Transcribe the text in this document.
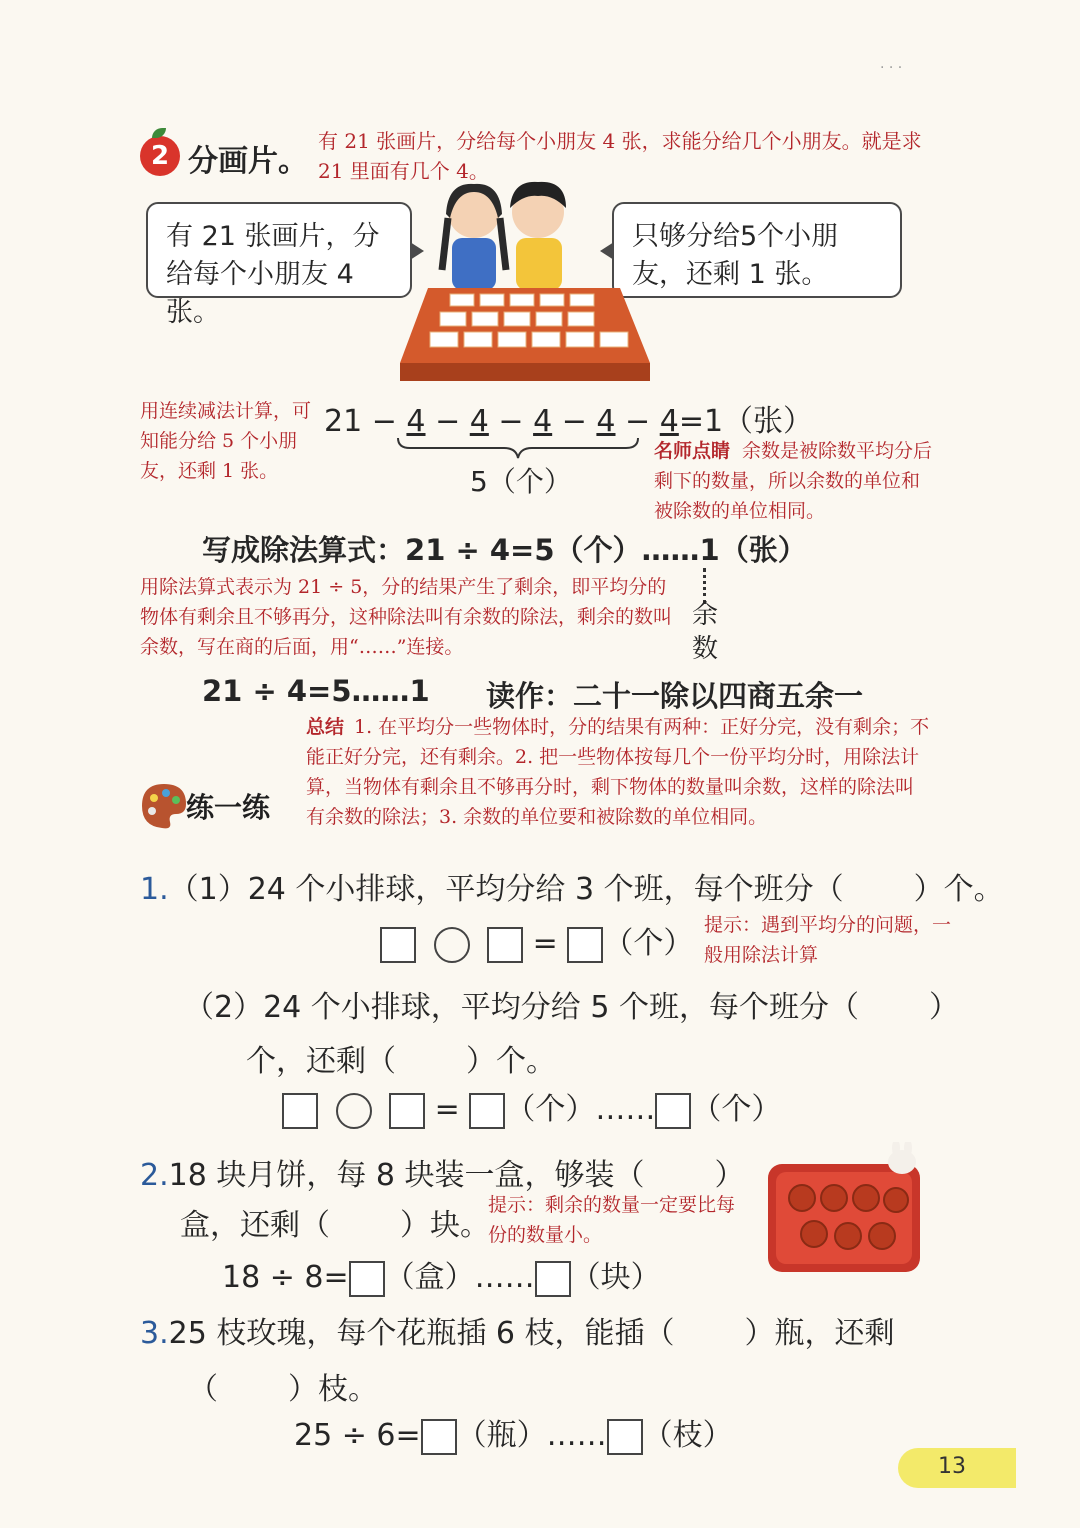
· · ·
2 分画片。
有 21 张画片，分给每个小朋友 4 张，求能分给几个小朋友。就是求 21 里面有几个 4。
有 21 张画片，分给每个小朋友 4 张。
只够分给5个小朋友，还剩 1 张。
用连续减法计算，可知能分给 5 个小朋友，还剩 1 张。
21 − 4 − 4 − 4 − 4 − 4=1（张）
5（个）
名师点睛 余数是被除数平均分后剩下的数量，所以余数的单位和被除数的单位相同。
写成除法算式：21 ÷ 4=5（个）……1（张）
余数
用除法算式表示为 21 ÷ 5，分的结果产生了剩余，即平均分的物体有剩余且不够再分，这种除法叫有余数的除法，剩余的数叫余数，写在商的后面，用“……”连接。
21 ÷ 4=5……1 读作：二十一除以四商五余一
总结 1. 在平均分一些物体时，分的结果有两种：正好分完，没有剩余；不能正好分完，还有剩余。2. 把一些物体按每几个一份平均分时，用除法计算，当物体有剩余且不够再分时，剩下物体的数量叫余数，这样的除法叫有余数的除法；3. 余数的单位要和被除数的单位相同。
练一练
1.（1）24 个小排球，平均分给 3 个班，每个班分（ ）个。
= （个）
提示：遇到平均分的问题，一般用除法计算
（2）24 个小排球，平均分给 5 个班，每个班分（ ）
个，还剩（ ）个。
= （个）…… （个）
2.18 块月饼，每 8 块装一盒，够装（ ）
盒，还剩（ ）块。
提示：剩余的数量一定要比每份的数量小。
18 ÷ 8= （盒）…… （块）
3.25 枝玫瑰，每个花瓶插 6 枝，能插（ ）瓶，还剩
（ ）枝。
25 ÷ 6= （瓶）…… （枝）
13
